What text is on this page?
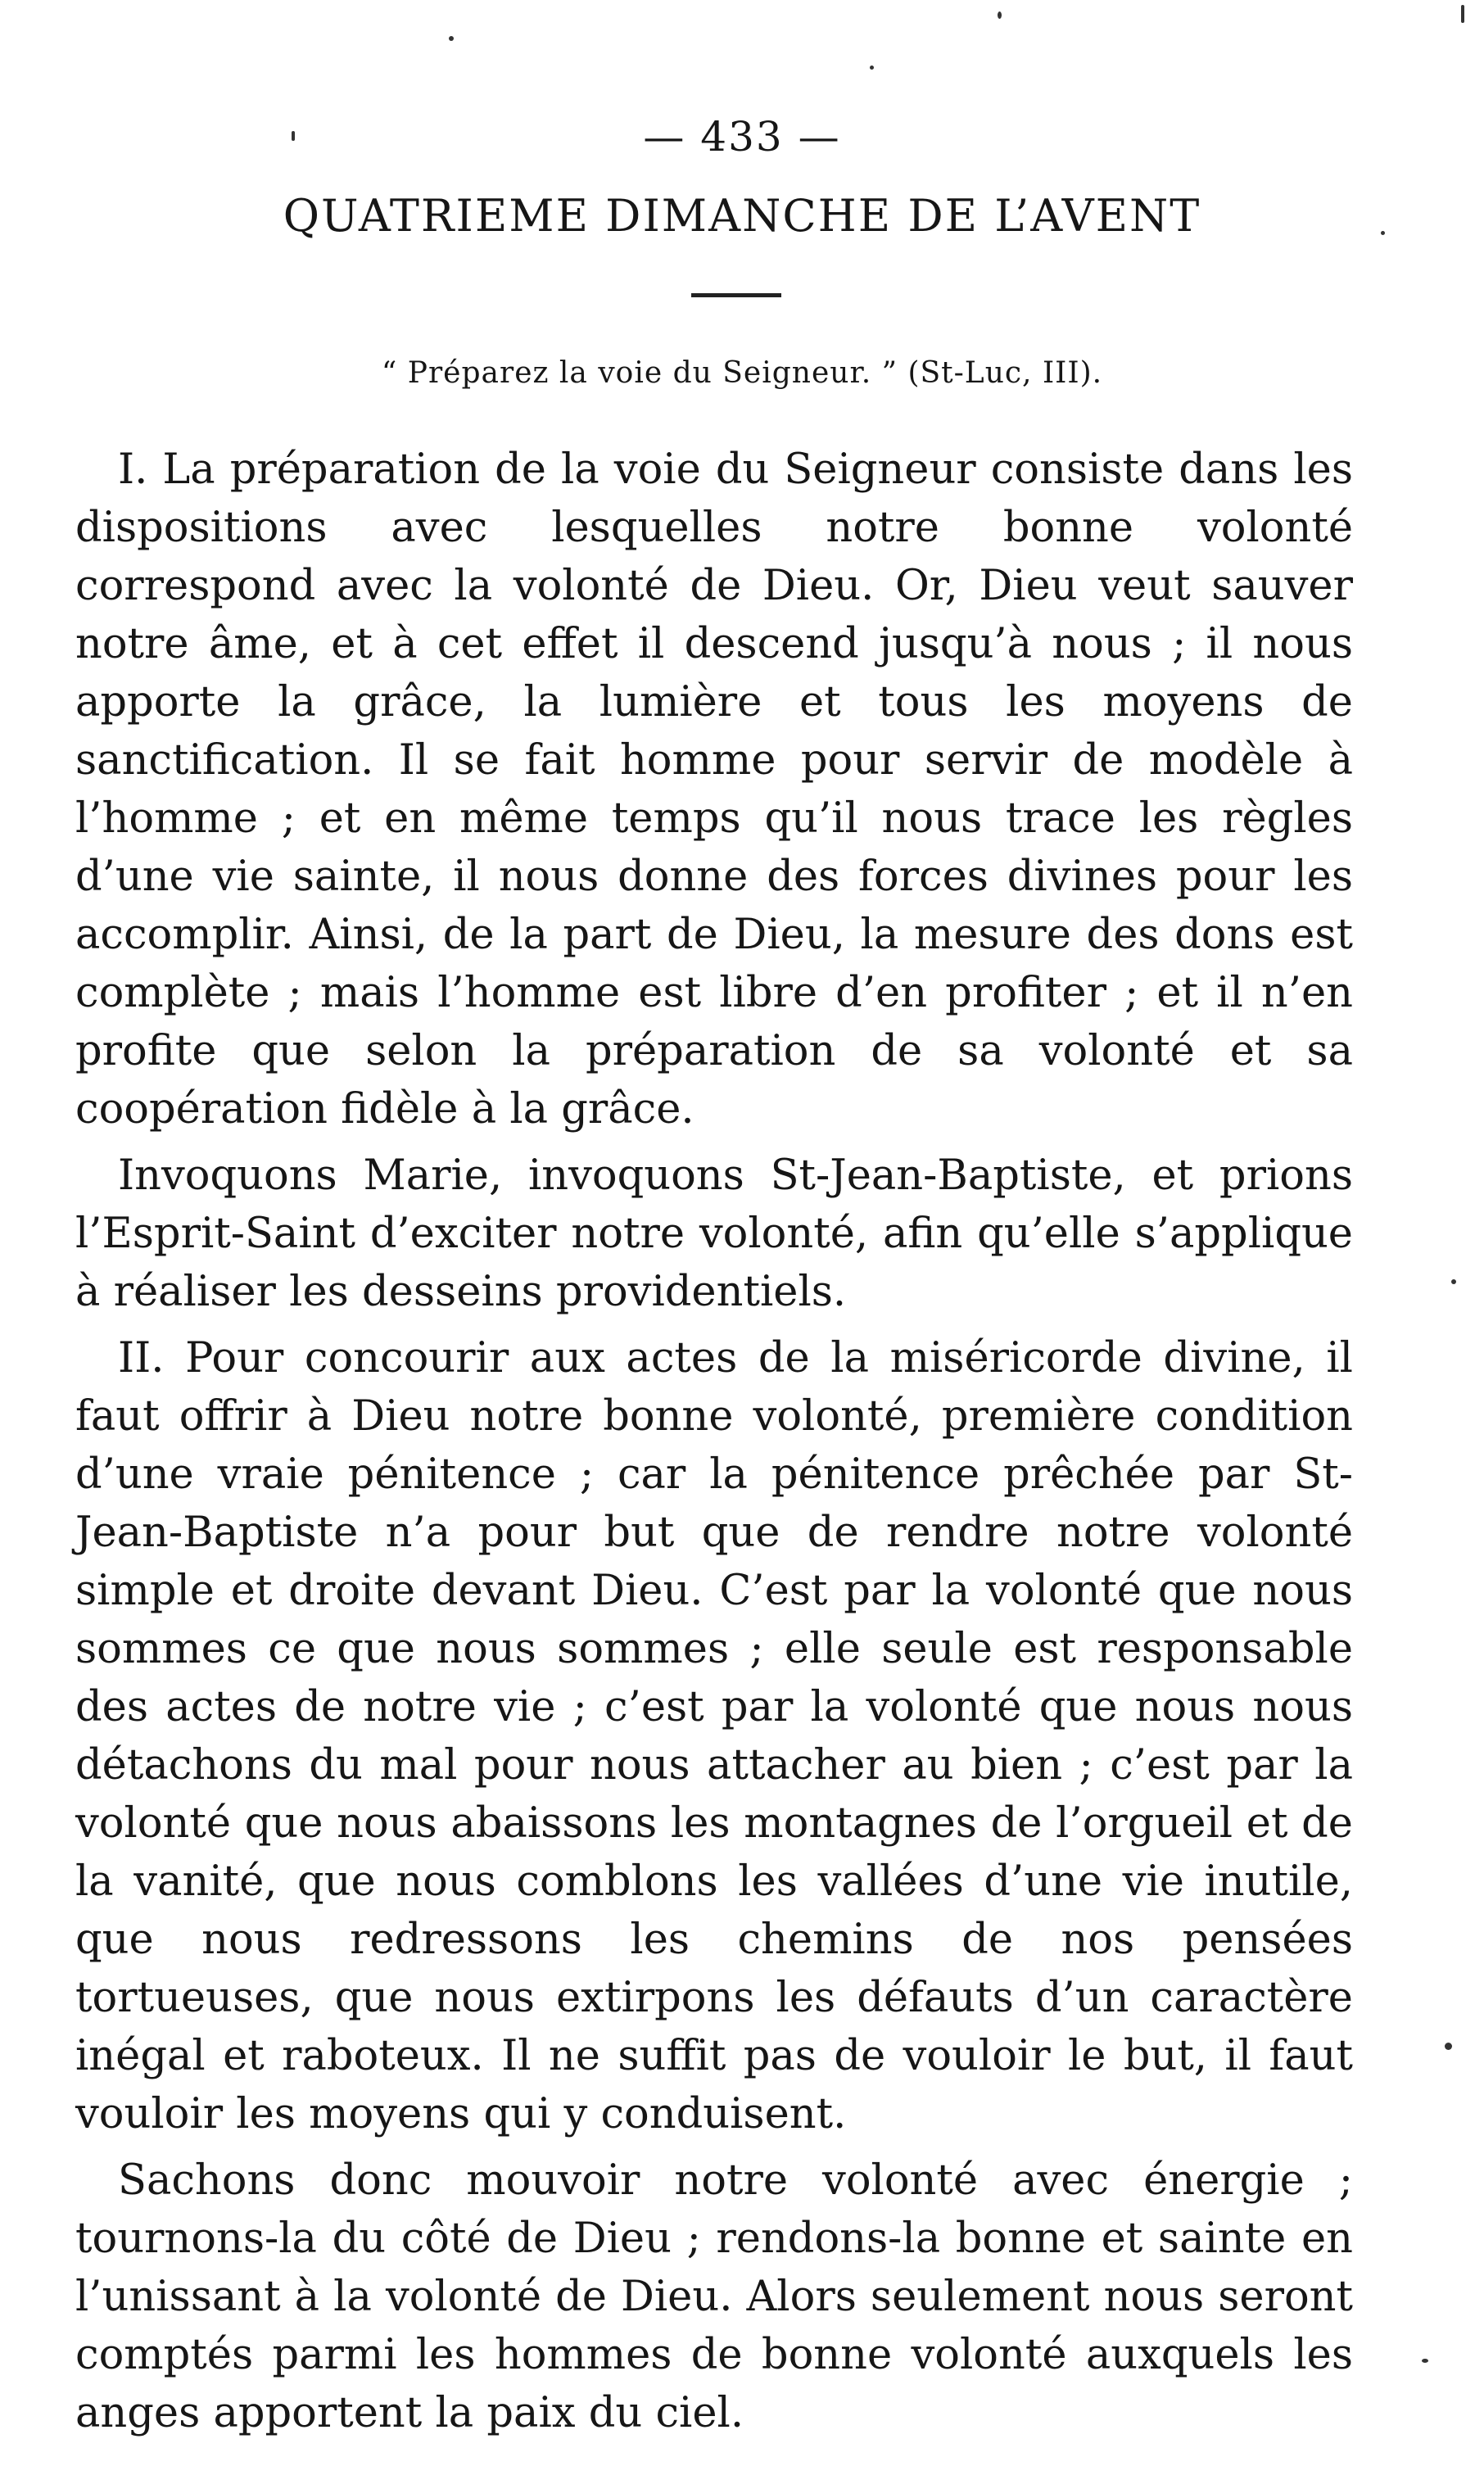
— 433 —

QUATRIEME DIMANCHE DE L’AVENT

“ Préparez la voie du Seigneur. ” (St-Luc, III).

I. La préparation de la voie du Seigneur consiste dans les dispositions avec lesquelles notre bonne volonté correspond avec la volonté de Dieu. Or, Dieu veut sauver notre âme, et à cet effet il descend jusqu’à nous ; il nous apporte la grâce, la lumière et tous les moyens de sanctification. Il se fait homme pour servir de modèle à l’homme ; et en même temps qu’il nous trace les règles d’une vie sainte, il nous donne des forces divines pour les accomplir. Ainsi, de la part de Dieu, la mesure des dons est complète ; mais l’homme est libre d’en profiter ; et il n’en profite que selon la préparation de sa volonté et sa coopération fidèle à la grâce.

Invoquons Marie, invoquons St-Jean-Baptiste, et prions l’Esprit-Saint d’exciter notre volonté, afin qu’elle s’applique à réaliser les desseins providentiels.

II. Pour concourir aux actes de la miséricorde divine, il faut offrir à Dieu notre bonne volonté, première condition d’une vraie pénitence ; car la pénitence prêchée par St-Jean-Baptiste n’a pour but que de rendre notre volonté simple et droite devant Dieu. C’est par la volonté que nous sommes ce que nous sommes ; elle seule est responsable des actes de notre vie ; c’est par la volonté que nous nous détachons du mal pour nous attacher au bien ; c’est par la volonté que nous abaissons les montagnes de l’orgueil et de la vanité, que nous comblons les vallées d’une vie inutile, que nous redressons les chemins de nos pensées tortueuses, que nous extirpons les défauts d’un caractère inégal et raboteux. Il ne suffit pas de vouloir le but, il faut vouloir les moyens qui y conduisent.

Sachons donc mouvoir notre volonté avec énergie ; tournons-la du côté de Dieu ; rendons-la bonne et sainte en l’unissant à la volonté de Dieu. Alors seulement nous seront comptés parmi les hommes de bonne volonté auxquels les anges apportent la paix du ciel.
